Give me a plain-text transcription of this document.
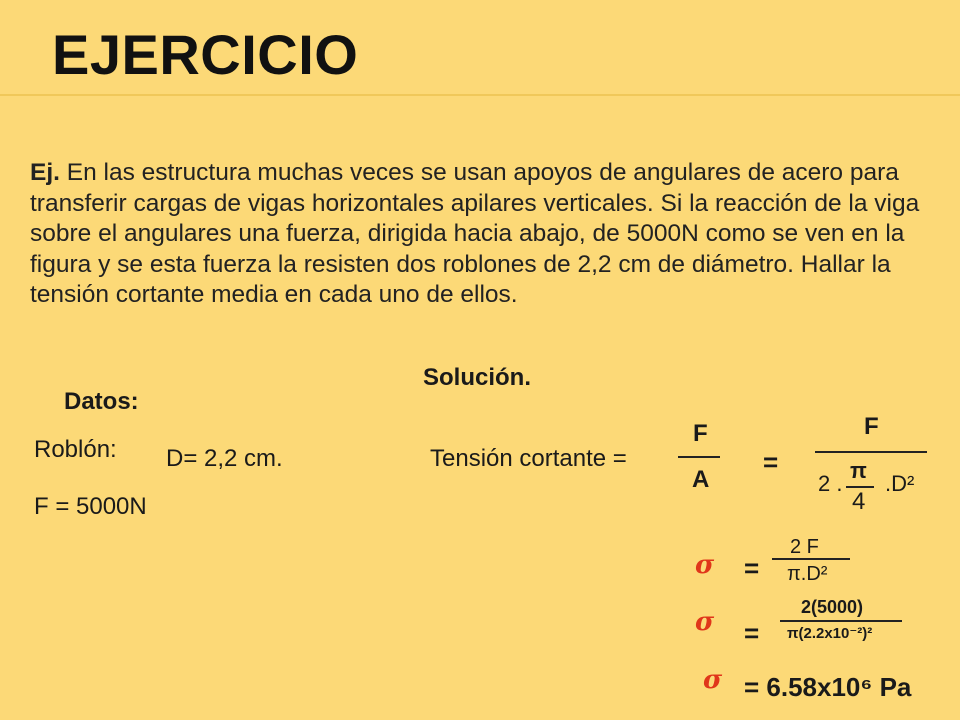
EJERCICIO
Ej. En las estructura muchas veces se usan apoyos de angulares de acero para transferir cargas de vigas horizontales apilares verticales. Si la reacción de la viga sobre el angulares una fuerza, dirigida hacia abajo, de 5000N como se ven en la figura y se esta fuerza la resisten dos roblones de 2,2 cm de diámetro. Hallar la tensión cortante media en cada uno de ellos.
Solución.
Datos:
Roblón: D= 2,2 cm.
F = 5000N
Tensión cortante =
F
A
=
F
2 .
π
4
.D²
σ =
2 F
π.D²
σ =
2(5000)
π(2.2x10⁻²)²
σ = 6.58x10⁶ Pa
